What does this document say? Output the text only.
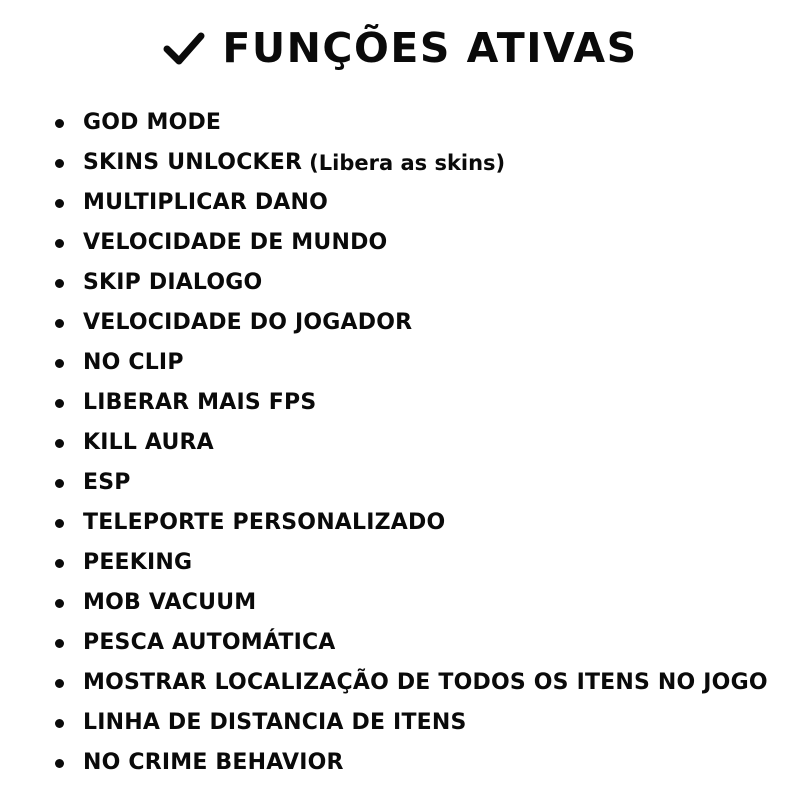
FUNÇÕES ATIVAS
GOD MODE
SKINS UNLOCKER (Libera as skins)
MULTIPLICAR DANO
VELOCIDADE DE MUNDO
SKIP DIALOGO
VELOCIDADE DO JOGADOR
NO CLIP
LIBERAR MAIS FPS
KILL AURA
ESP
TELEPORTE PERSONALIZADO
PEEKING
MOB VACUUM
PESCA AUTOMÁTICA
MOSTRAR LOCALIZAÇÃO DE TODOS OS ITENS NO JOGO
LINHA DE DISTANCIA DE ITENS
NO CRIME BEHAVIOR
